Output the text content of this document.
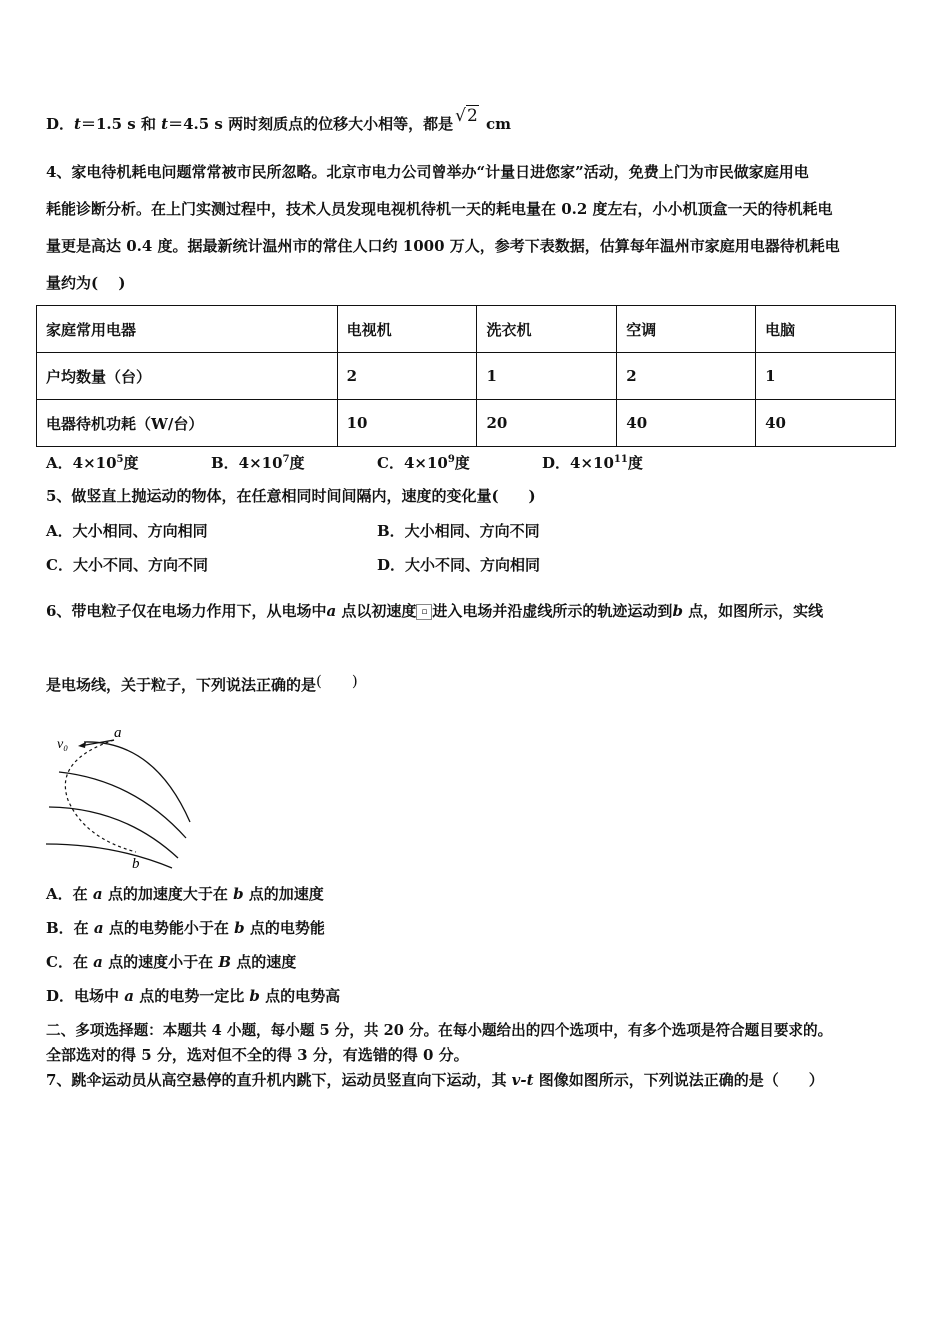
D．t＝1.5 s 和 t＝4.5 s 两时刻质点的位移大小相等，都是 √2 cm
4、家电待机耗电问题常常被市民所忽略。北京市电力公司曾举办“计量日进您家”活动，免费上门为市民做家庭用电
耗能诊断分析。在上门实测过程中，技术人员发现电视机待机一天的耗电量在 0.2 度左右，小小机顶盒一天的待机耗电
量更是高达 0.4 度。据最新统计温州市的常住人口约 1000 万人，参考下表数据，估算每年温州市家庭用电器待机耗电
量约为(　 )
家庭常用电器	电视机	洗衣机	空调	电脑
户均数量（台）	2	1	2	1
电器待机功耗（W/台）	10	20	40	40
A．$4\times 10^5$度	B．$4\times 10^7$度	C．$4\times 10^9$度	D．$4\times 10^{11}$度
5、做竖直上抛运动的物体，在任意相同时间间隔内，速度的变化量(　　)
A．大小相同、方向相同	B．大小相同、方向不同
C．大小不同、方向不同	D．大小不同、方向相同
6、带电粒子仅在电场力作用下，从电场中a 点以初速度 ▫ 进入电场并沿虚线所示的轨迹运动到b 点，如图所示，实线
是电场线，关于粒子，下列说法正确的是(　　)
v₀
a
b
A．在 a 点的加速度大于在 b 点的加速度
B．在 a 点的电势能小于在 b 点的电势能
C．在 a 点的速度小于在 B 点的速度
D．电场中 a 点的电势一定比 b 点的电势高
二、多项选择题：本题共 4 小题，每小题 5 分，共 20 分。在每小题给出的四个选项中，有多个选项是符合题目要求的。
全部选对的得 5 分，选对但不全的得 3 分，有选错的得 0 分。
7、跳伞运动员从高空悬停的直升机内跳下，运动员竖直向下运动，其 v-t 图像如图所示，下列说法正确的是（　　）
